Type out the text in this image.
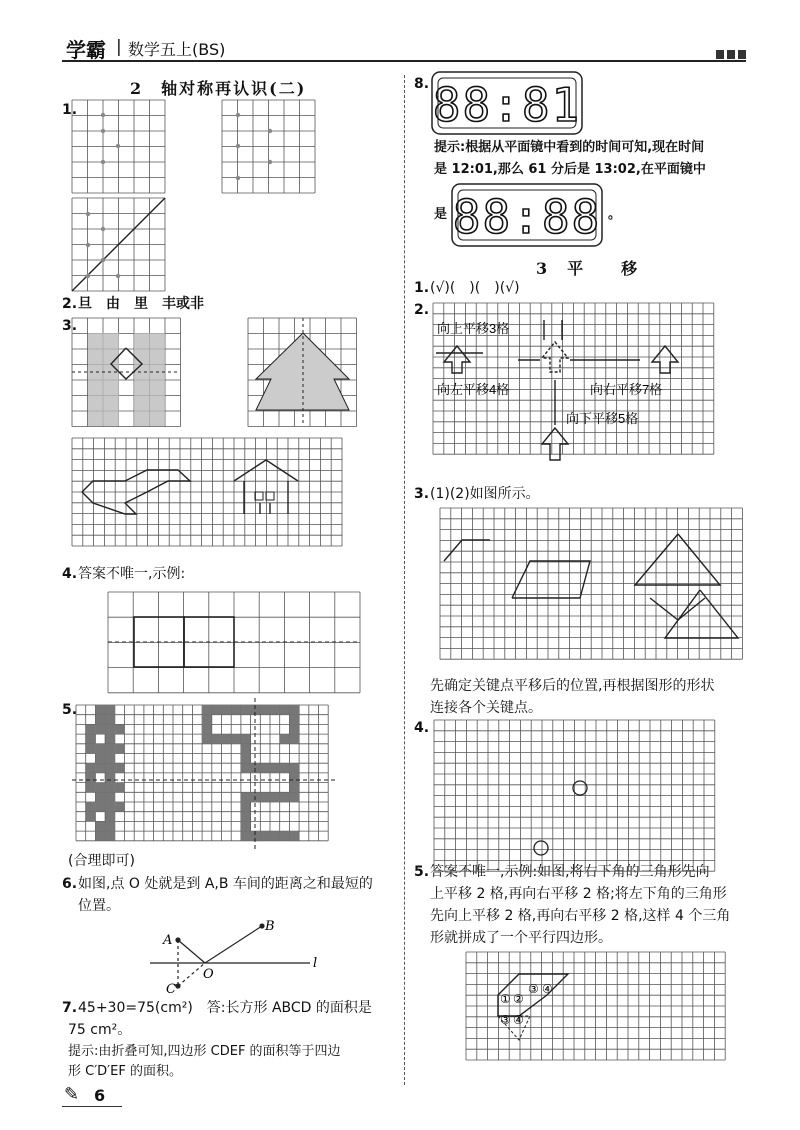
学霸 | 数学五上(BS)
2　轴对称再认识(二)
1.
2. 旦　由　里　丰或非
3.
4. 答案不唯一,示例:
5.
(合理即可)
6. 如图,点 O 处就是到 A,B 车间的距离之和最短的
位置。
7. 45+30=75(cm²)　答:长方形 ABCD 的面积是
75 cm²。
提示:由折叠可知,四边形 CDEF 的面积等于四边
形 C′D′EF 的面积。
8.
提示:根据从平面镜中看到的时间可知,现在时间
是 12:01,那么 61 分后是 13:02,在平面镜中
是	。
3　平　　移
1. (√)(　)(　)(√)
2.
3. (1)(2)如图所示。
先确定关键点平移后的位置,再根据图形的形状
连接各个关键点。
4.
5. 答案不唯一,示例:如图,将右下角的三角形先向
上平移 2 格,再向右平移 2 格;将左下角的三角形
先向上平移 2 格,再向右平移 2 格,这样 4 个三角
形就拼成了一个平行四边形。
✎ 6
A
B
C
O
l
88:81
88:88
向上平移3格
向左平移4格	向右平移7格
向下平移5格
① ②
③ ④
③ ④
